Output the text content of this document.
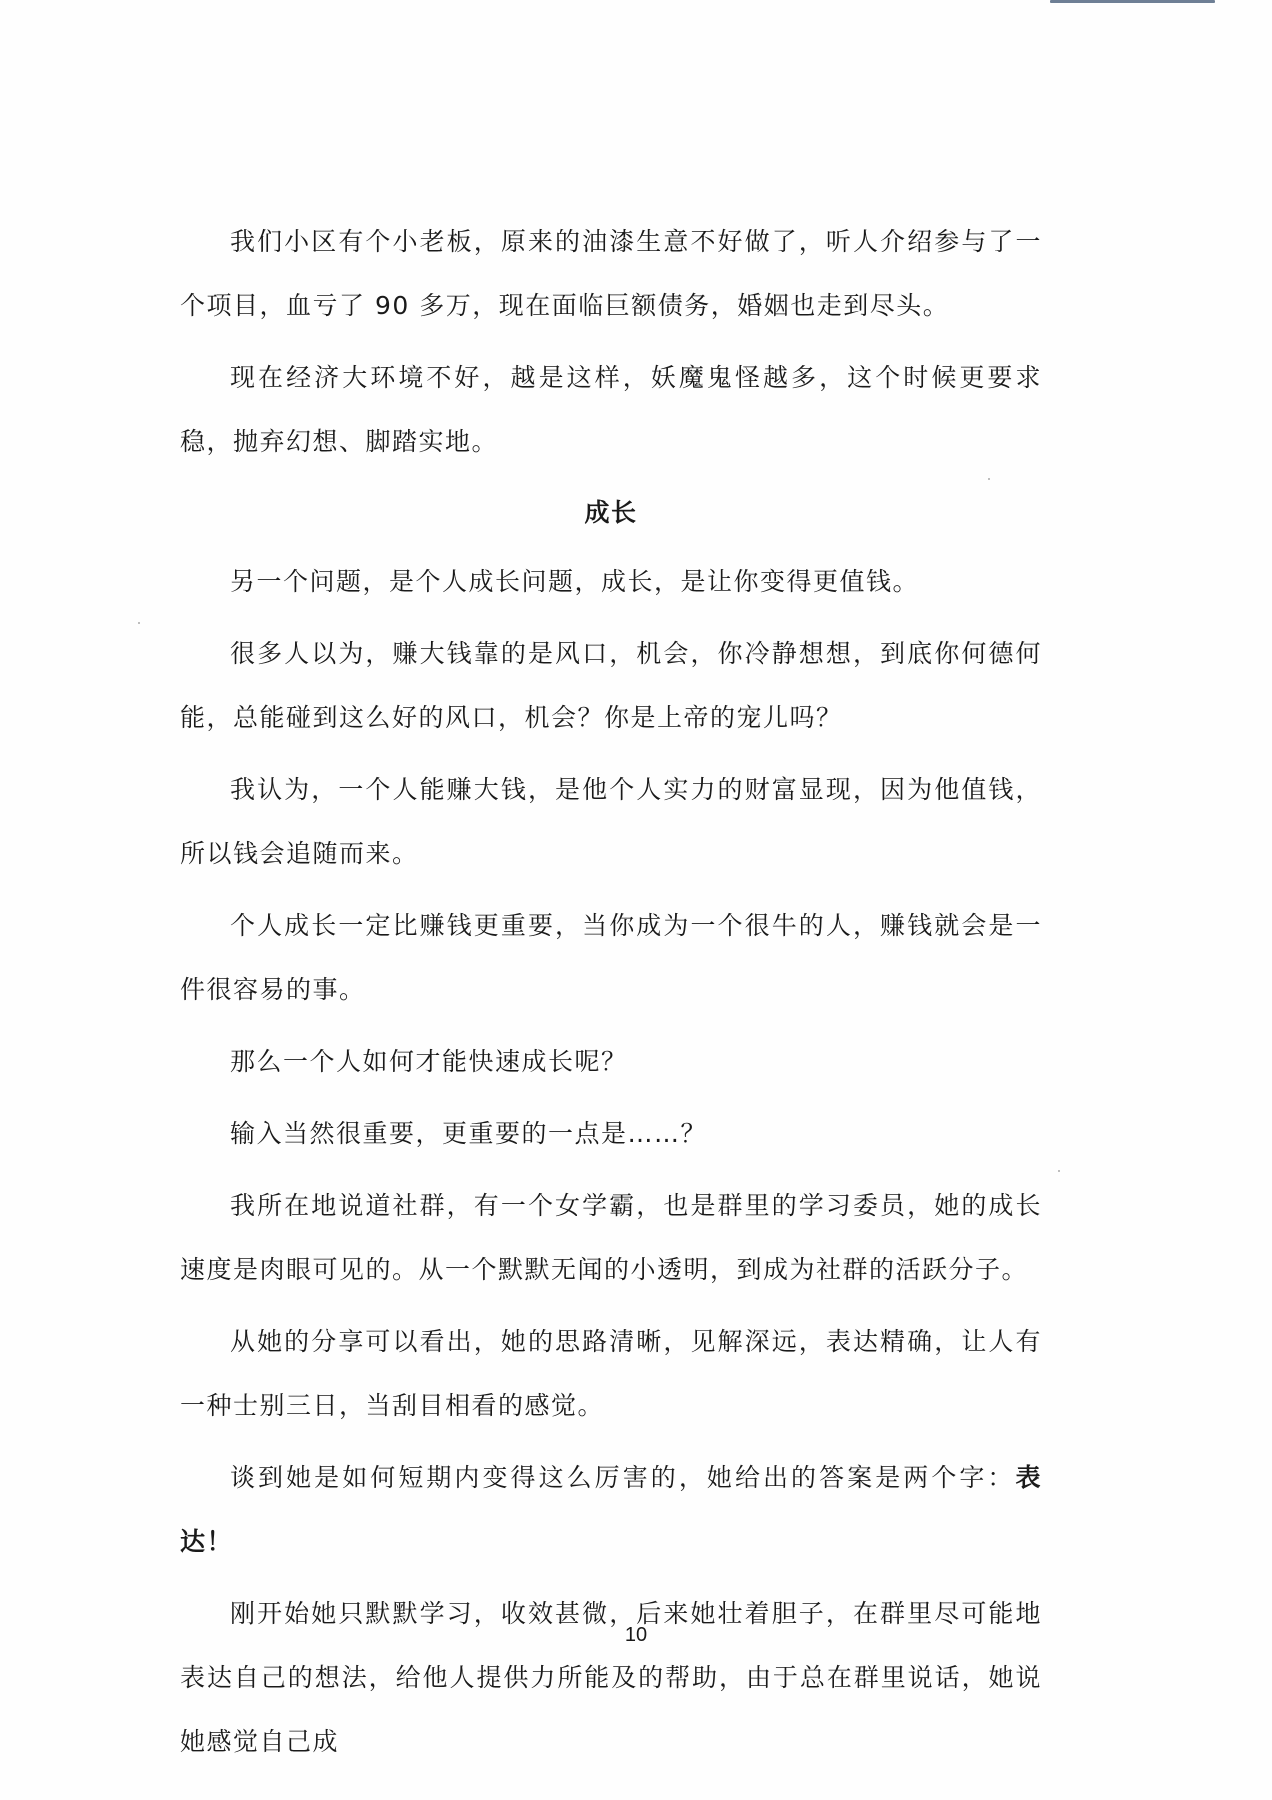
我们小区有个小老板，原来的油漆生意不好做了，听人介绍参与了一个项目，血亏了 90 多万，现在面临巨额债务，婚姻也走到尽头。

现在经济大环境不好，越是这样，妖魔鬼怪越多，这个时候更要求稳，抛弃幻想、脚踏实地。

成长

另一个问题，是个人成长问题，成长，是让你变得更值钱。

很多人以为，赚大钱靠的是风口，机会，你冷静想想，到底你何德何能，总能碰到这么好的风口，机会？你是上帝的宠儿吗？

我认为，一个人能赚大钱，是他个人实力的财富显现，因为他值钱，所以钱会追随而来。

个人成长一定比赚钱更重要，当你成为一个很牛的人，赚钱就会是一件很容易的事。

那么一个人如何才能快速成长呢？

输入当然很重要，更重要的一点是……？

我所在地说道社群，有一个女学霸，也是群里的学习委员，她的成长速度是肉眼可见的。从一个默默无闻的小透明，到成为社群的活跃分子。

从她的分享可以看出，她的思路清晰，见解深远，表达精确，让人有一种士别三日，当刮目相看的感觉。

谈到她是如何短期内变得这么厉害的，她给出的答案是两个字：表达！

刚开始她只默默学习，收效甚微，后来她壮着胆子，在群里尽可能地表达自己的想法，给他人提供力所能及的帮助，由于总在群里说话，她说她感觉自己成

10
